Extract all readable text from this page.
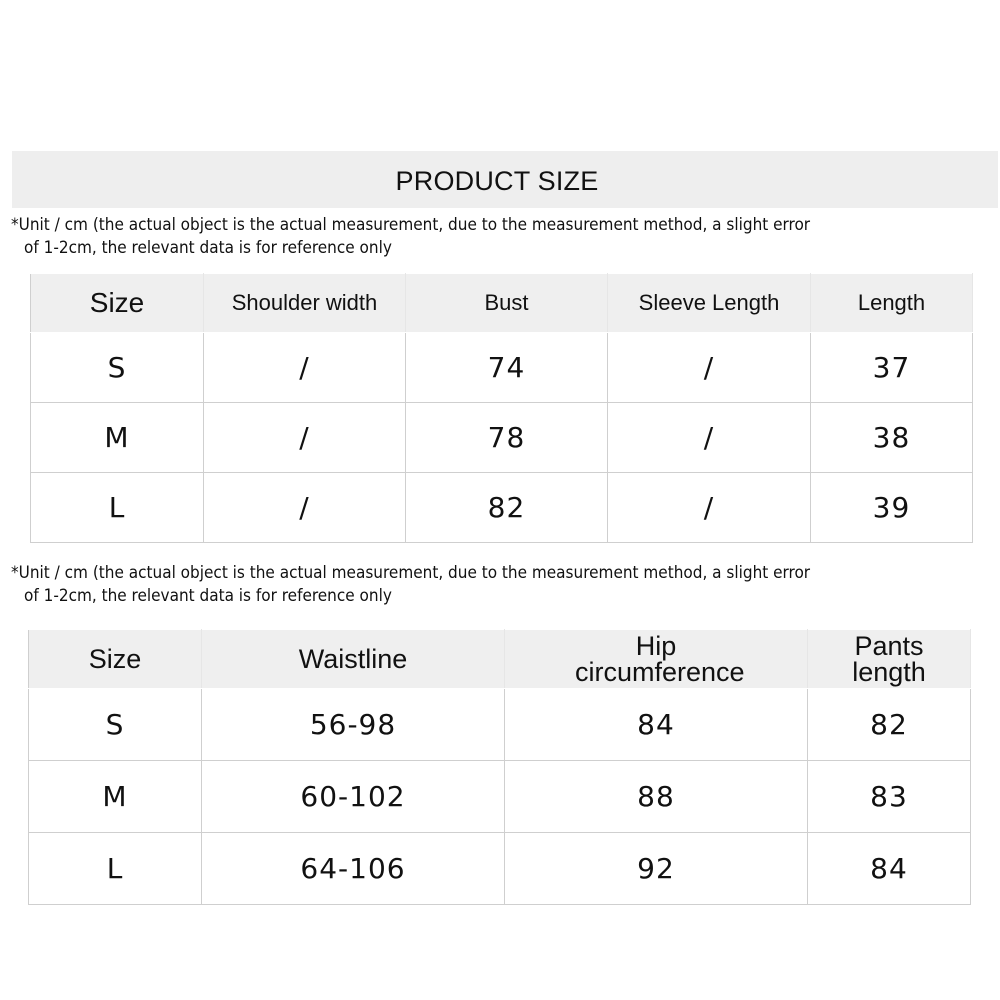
PRODUCT SIZE
*Unit / cm (the actual object is the actual measurement, due to the measurement method, a slight error
of 1-2cm, the relevant data is for reference only
Size	Shoulder width	Bust	Sleeve Length	Length
S	/	74	/	37
M	/	78	/	38
L	/	82	/	39
*Unit / cm (the actual object is the actual measurement, due to the measurement method, a slight error
of 1-2cm, the relevant data is for reference only
Size	Waistline	Hip circumference	Pants length
S	56-98	84	82
M	60-102	88	83
L	64-106	92	84
